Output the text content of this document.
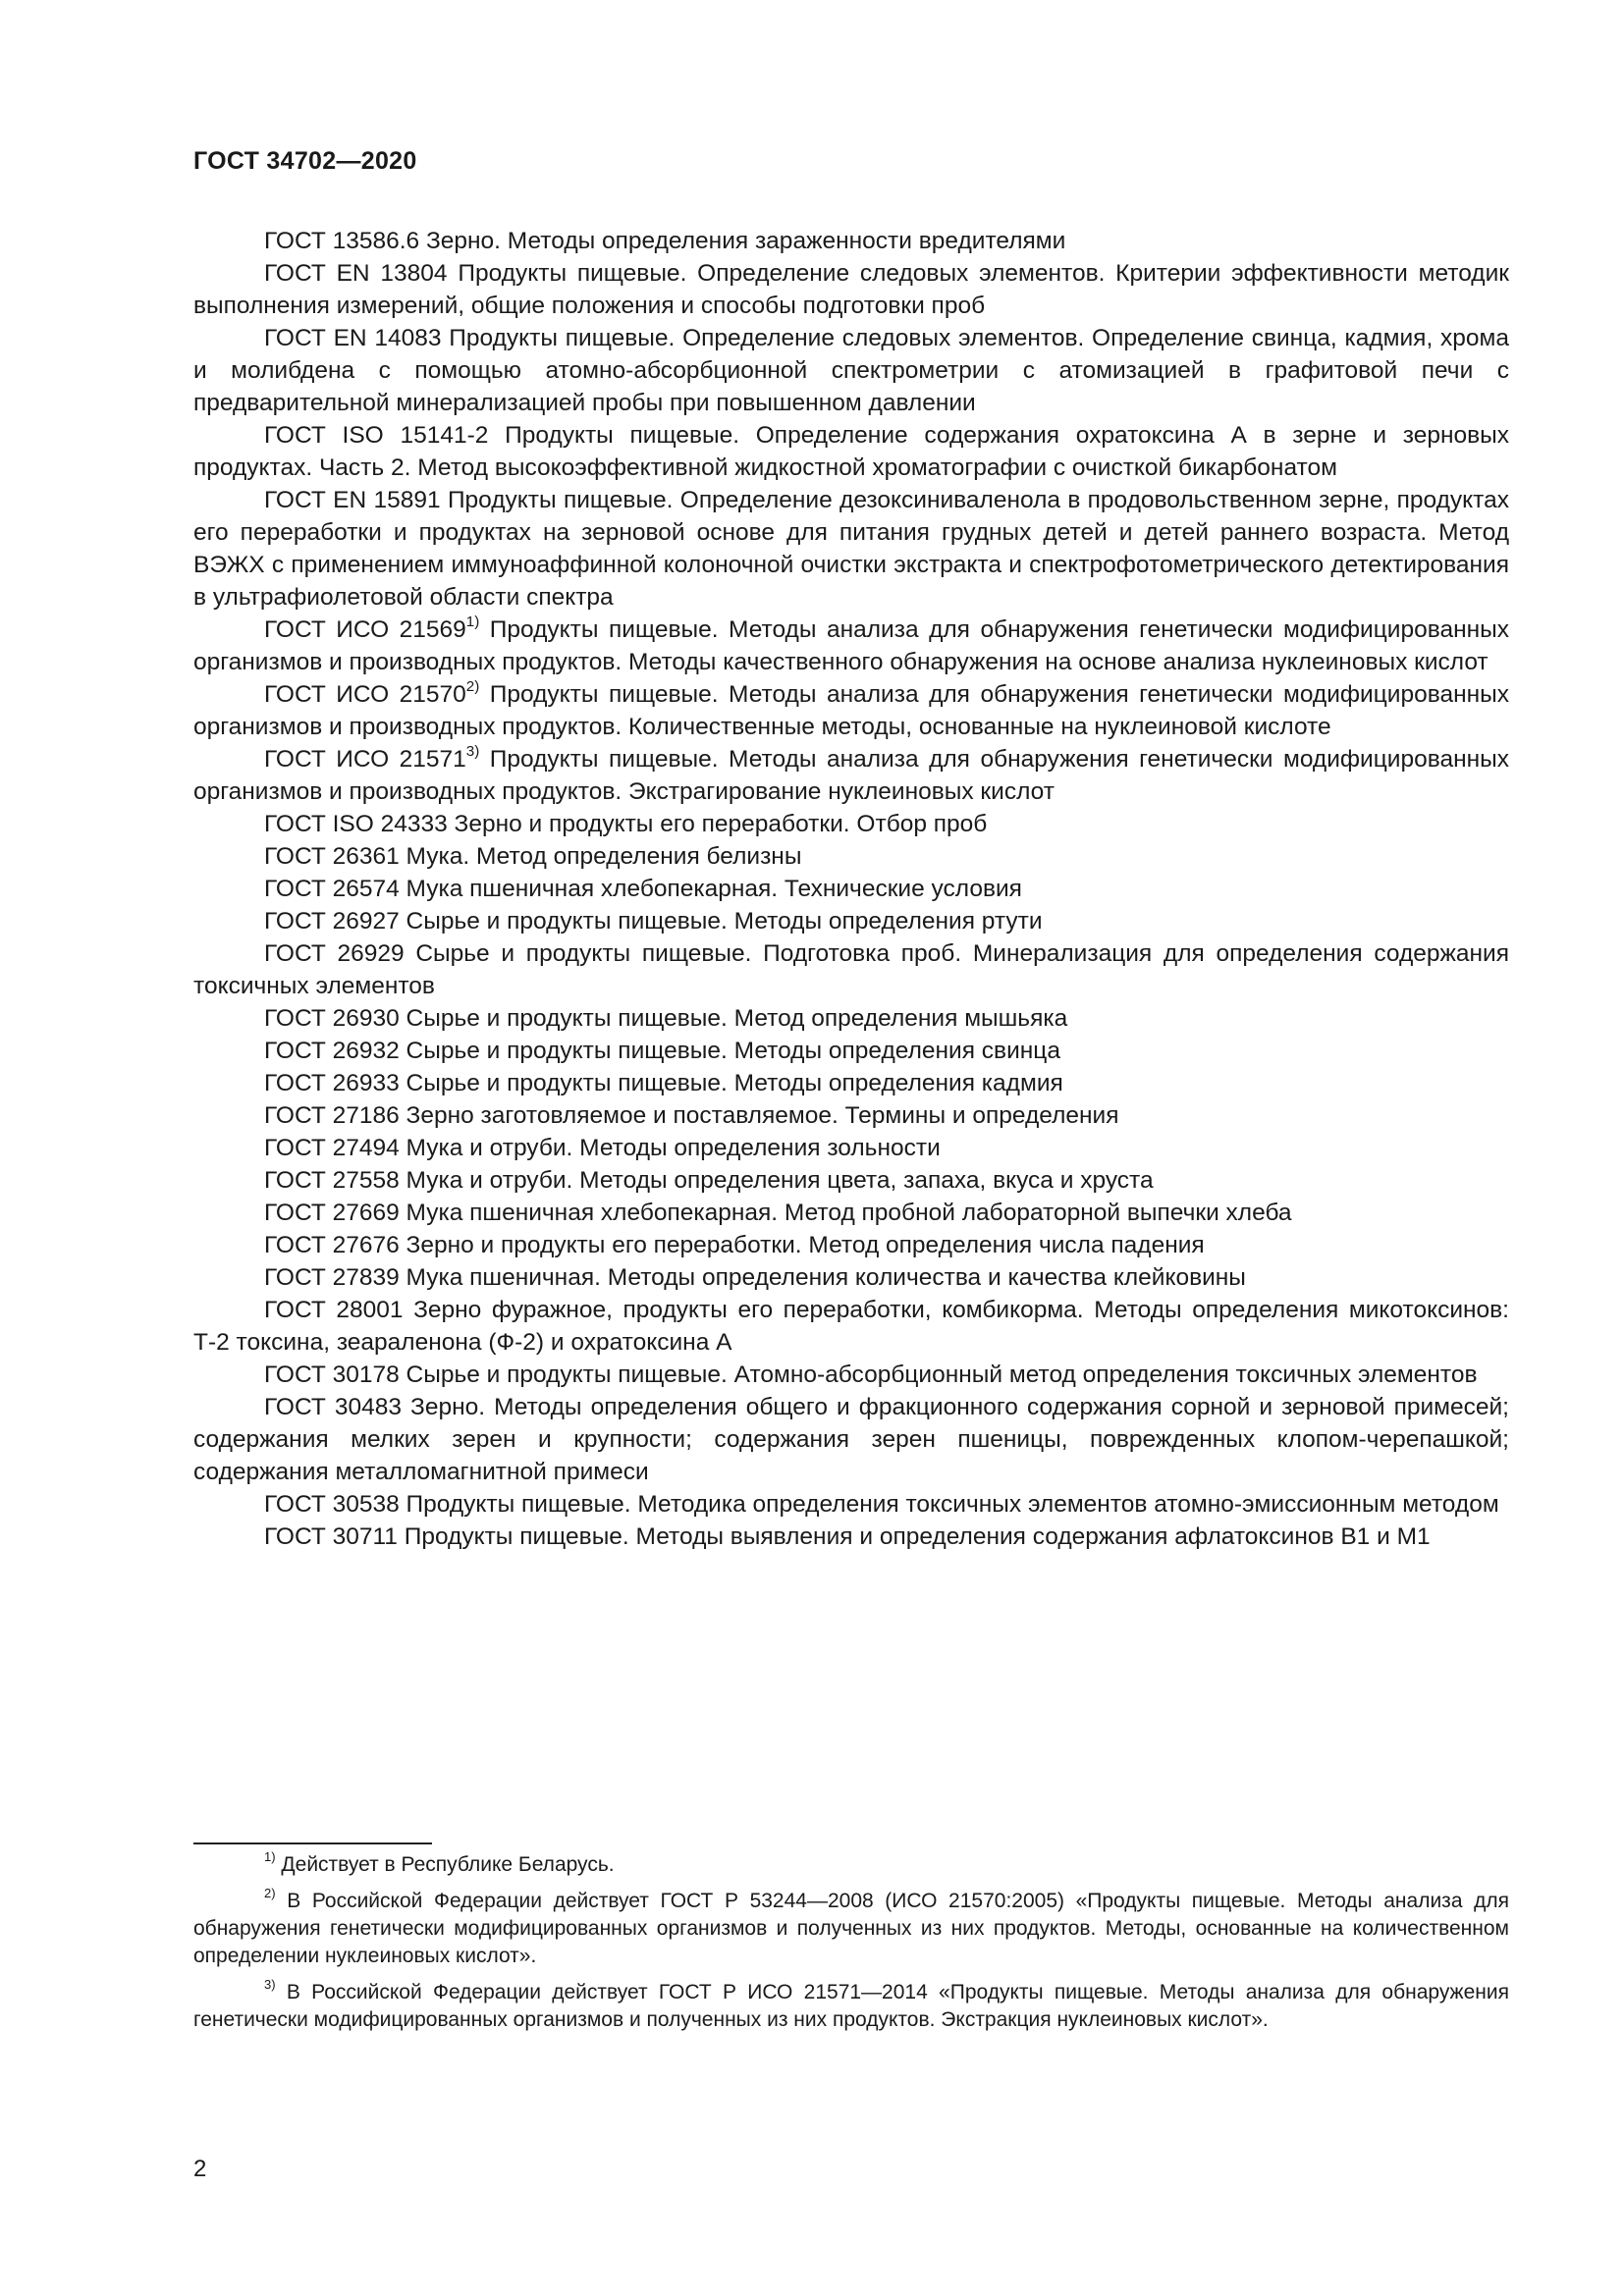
ГОСТ 34702—2020

ГОСТ 13586.6 Зерно. Методы определения зараженности вредителями

ГОСТ EN 13804 Продукты пищевые. Определение следовых элементов. Критерии эффективности методик выполнения измерений, общие положения и способы подготовки проб

ГОСТ EN 14083 Продукты пищевые. Определение следовых элементов. Определение свинца, кадмия, хрома и молибдена с помощью атомно-абсорбционной спектрометрии с атомизацией в графитовой печи с предварительной минерализацией пробы при повышенном давлении

ГОСТ ISO 15141-2 Продукты пищевые. Определение содержания охратоксина А в зерне и зерновых продуктах. Часть 2. Метод высокоэффективной жидкостной хроматографии с очисткой бикарбонатом

ГОСТ EN 15891 Продукты пищевые. Определение дезоксиниваленола в продовольственном зерне, продуктах его переработки и продуктах на зерновой основе для питания грудных детей и детей раннего возраста. Метод ВЭЖХ с применением иммуноаффинной колоночной очистки экстракта и спектрофотометрического детектирования в ультрафиолетовой области спектра

ГОСТ ИСО 21569$^{1)}$ Продукты пищевые. Методы анализа для обнаружения генетически модифицированных организмов и производных продуктов. Методы качественного обнаружения на основе анализа нуклеиновых кислот

ГОСТ ИСО 21570$^{2)}$ Продукты пищевые. Методы анализа для обнаружения генетически модифицированных организмов и производных продуктов. Количественные методы, основанные на нуклеиновой кислоте

ГОСТ ИСО 21571$^{3)}$ Продукты пищевые. Методы анализа для обнаружения генетически модифицированных организмов и производных продуктов. Экстрагирование нуклеиновых кислот

ГОСТ ISO 24333 Зерно и продукты его переработки. Отбор проб

ГОСТ 26361 Мука. Метод определения белизны

ГОСТ 26574 Мука пшеничная хлебопекарная. Технические условия

ГОСТ 26927 Сырье и продукты пищевые. Методы определения ртути

ГОСТ 26929 Сырье и продукты пищевые. Подготовка проб. Минерализация для определения содержания токсичных элементов

ГОСТ 26930 Сырье и продукты пищевые. Метод определения мышьяка

ГОСТ 26932 Сырье и продукты пищевые. Методы определения свинца

ГОСТ 26933 Сырье и продукты пищевые. Методы определения кадмия

ГОСТ 27186 Зерно заготовляемое и поставляемое. Термины и определения

ГОСТ 27494 Мука и отруби. Методы определения зольности

ГОСТ 27558 Мука и отруби. Методы определения цвета, запаха, вкуса и хруста

ГОСТ 27669 Мука пшеничная хлебопекарная. Метод пробной лабораторной выпечки хлеба

ГОСТ 27676 Зерно и продукты его переработки. Метод определения числа падения

ГОСТ 27839 Мука пшеничная. Методы определения количества и качества клейковины

ГОСТ 28001 Зерно фуражное, продукты его переработки, комбикорма. Методы определения микотоксинов: Т-2 токсина, зеараленона (Ф-2) и охратоксина А

ГОСТ 30178 Сырье и продукты пищевые. Атомно-абсорбционный метод определения токсичных элементов

ГОСТ 30483 Зерно. Методы определения общего и фракционного содержания сорной и зерновой примесей; содержания мелких зерен и крупности; содержания зерен пшеницы, поврежденных клопом-черепашкой; содержания металломагнитной примеси

ГОСТ 30538 Продукты пищевые. Методика определения токсичных элементов атомно-эмиссионным методом

ГОСТ 30711 Продукты пищевые. Методы выявления и определения содержания афлатоксинов В1 и М1

$^{1)}$ Действует в Республике Беларусь.

$^{2)}$ В Российской Федерации действует ГОСТ Р 53244—2008 (ИСО 21570:2005) «Продукты пищевые. Методы анализа для обнаружения генетически модифицированных организмов и полученных из них продуктов. Методы, основанные на количественном определении нуклеиновых кислот».

$^{3)}$ В Российской Федерации действует ГОСТ Р ИСО 21571—2014 «Продукты пищевые. Методы анализа для обнаружения генетически модифицированных организмов и полученных из них продуктов. Экстракция нуклеиновых кислот».

2
